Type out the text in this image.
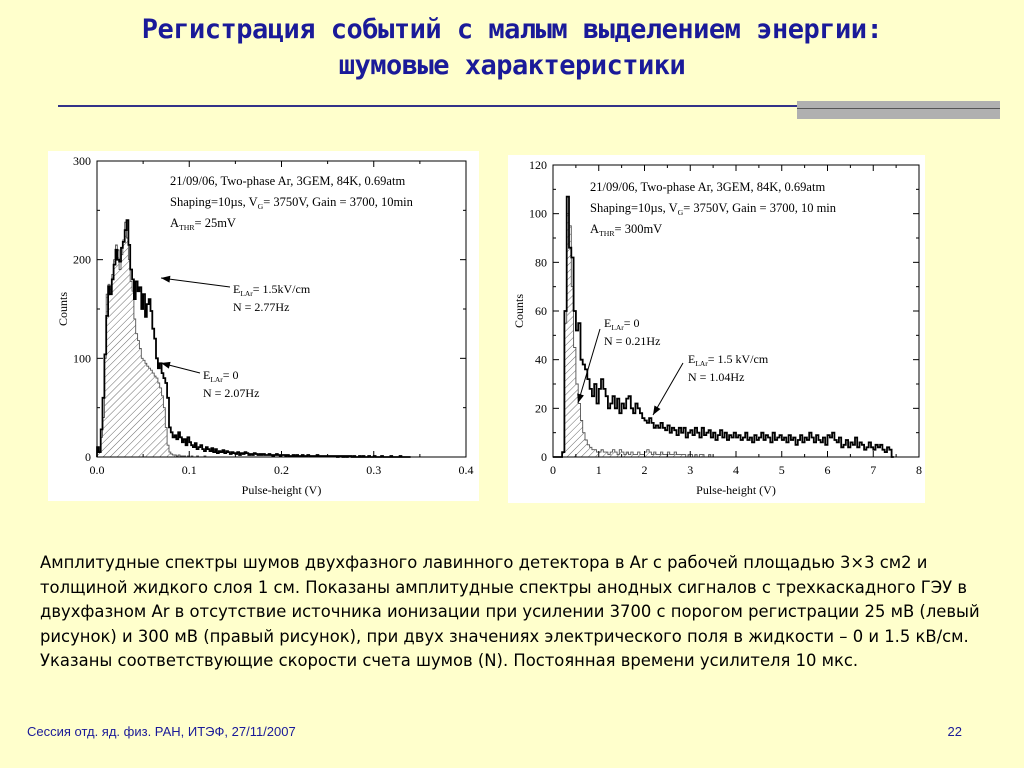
Регистрация событий с малым выделением энергии:
шумовые характеристики
0.0	0.1	0.2	0.3	0.4
0
100
200
300
Pulse-height (V)
Counts
21/09/06, Two-phase Ar, 3GEM, 84K, 0.69atm
Shaping=10µs, $V_G= 3750V$, Gain = 3700, 10min
$A_{THR}= 25mV$
$E_{LAr}= 1.5kV/cm$
N = 2.77Hz
$E_{LAr}= 0$
N = 2.07Hz
0	1	2	3	4	5	6	7	8
0
20
40
60
80
100
120
Pulse-height (V)
Counts
21/09/06, Two-phase Ar, 3GEM, 84K, 0.69atm
Shaping=10µs, $V_G= 3750V$, Gain = 3700, 10 min
$A_{THR}= 300mV$
$E_{LAr}= 1.5$ kV/cm
N = 1.04Hz
$E_{LAr}= 0$
N = 0.21Hz
Амплитудные спектры шумов двухфазного лавинного детектора в Ar с рабочей площадью 3×3 см2 и толщиной жидкого слоя 1 см. Показаны амплитудные спектры анодных сигналов с трехкаскадного ГЭУ в двухфазном Ar в отсутствие источника ионизации при усилении 3700 с порогом регистрации 25 мВ (левый рисунок) и 300 мВ (правый рисунок), при двух значениях электрического поля в жидкости – 0 и 1.5 кВ/см. Указаны соответствующие скорости счета шумов (N). Постоянная времени усилителя 10 мкс.
Сессия отд. яд. физ. РАН, ИТЭФ, 27/11/2007	22
